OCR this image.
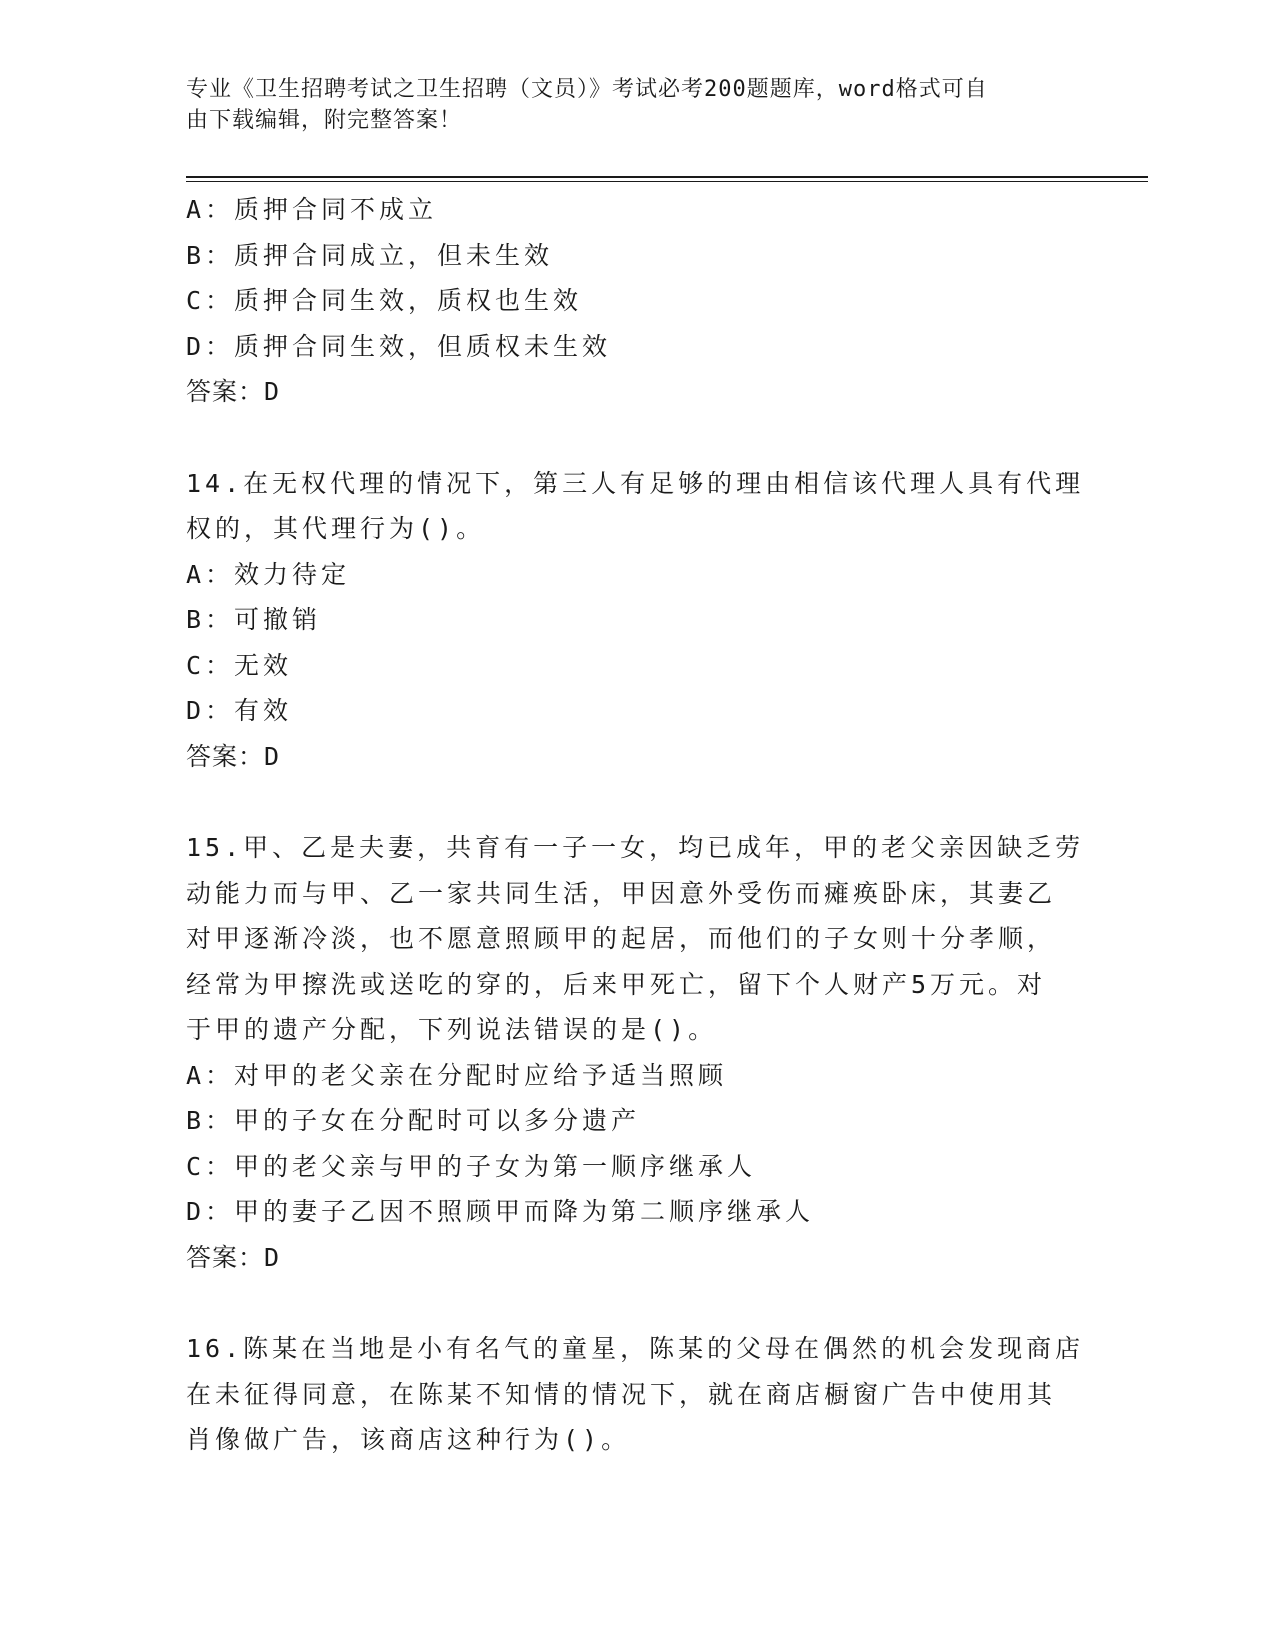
专业《卫生招聘考试之卫生招聘（文员）》考试必考200题题库，word格式可自
由下载编辑，附完整答案！
A：质押合同不成立
B：质押合同成立，但未生效
C：质押合同生效，质权也生效
D：质押合同生效，但质权未生效
答案：D
14.在无权代理的情况下，第三人有足够的理由相信该代理人具有代理
权的，其代理行为()。
A：效力待定
B：可撤销
C：无效
D：有效
答案：D
15.甲、乙是夫妻，共育有一子一女，均已成年，甲的老父亲因缺乏劳
动能力而与甲、乙一家共同生活，甲因意外受伤而瘫痪卧床，其妻乙
对甲逐渐冷淡，也不愿意照顾甲的起居，而他们的子女则十分孝顺，
经常为甲擦洗或送吃的穿的，后来甲死亡，留下个人财产5万元。对
于甲的遗产分配，下列说法错误的是()。
A：对甲的老父亲在分配时应给予适当照顾
B：甲的子女在分配时可以多分遗产
C：甲的老父亲与甲的子女为第一顺序继承人
D：甲的妻子乙因不照顾甲而降为第二顺序继承人
答案：D
16.陈某在当地是小有名气的童星，陈某的父母在偶然的机会发现商店
在未征得同意，在陈某不知情的情况下，就在商店橱窗广告中使用其
肖像做广告，该商店这种行为()。
